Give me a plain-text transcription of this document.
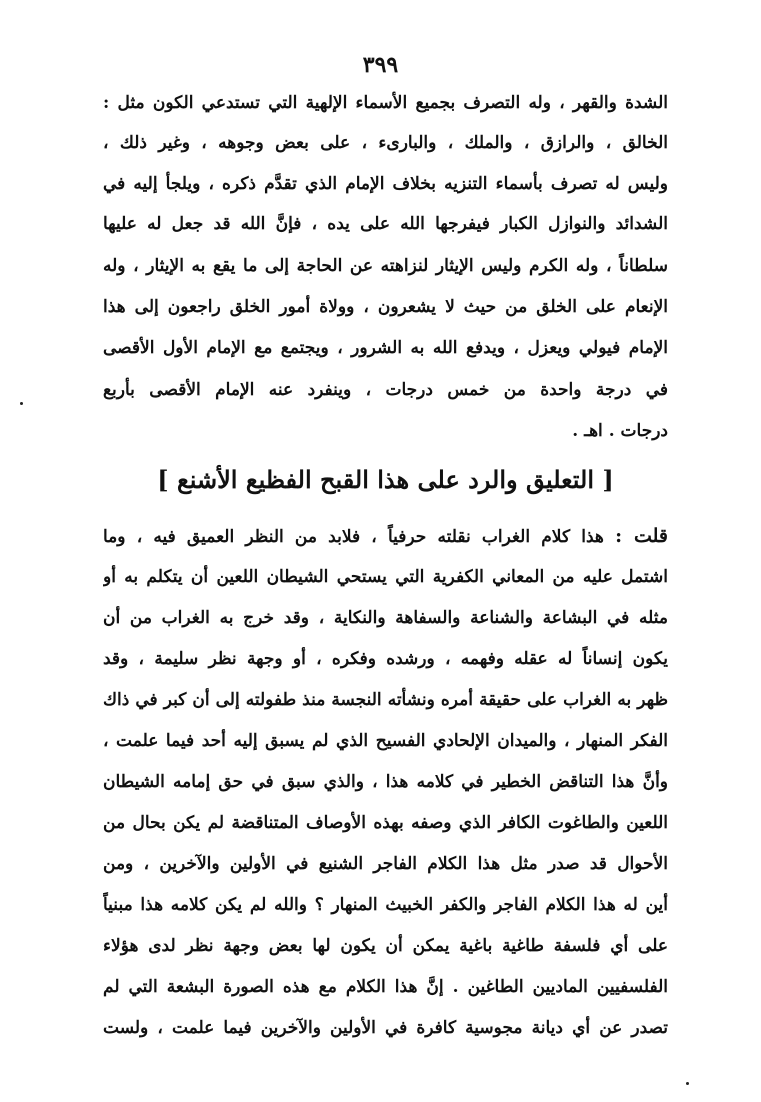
٣٩٩
الشدة والقهر ، وله التصرف بجميع الأسماء الإلهية التي تستدعي الكون مثل :
الخالق ، والرازق ، والملك ، والبارىء ، على بعض وجوهه ، وغير ذلك ،
وليس له تصرف بأسماء التنزيه بخلاف الإمام الذي تقدَّم ذكره ، ويلجأ إليه في
الشدائد والنوازل الكبار فيفرجها الله على يده ، فإنَّ الله قد جعل له عليها
سلطاناً ، وله الكرم وليس الإيثار لنزاهته عن الحاجة إلى ما يقع به الإيثار ، وله
الإنعام على الخلق من حيث لا يشعرون ، وولاة أمور الخلق راجعون إلى هذا
الإمام فيولي ويعزل ، ويدفع الله به الشرور ، ويجتمع مع الإمام الأول الأقصى
في درجة واحدة من خمس درجات ، وينفرد عنه الإمام الأقصى بأربع
درجات . اهـ .
[ التعليق والرد على هذا القبح الفظيع الأشنع ]
قلت : هذا كلام الغراب نقلته حرفياً ، فلابد من النظر العميق فيه ، وما
اشتمل عليه من المعاني الكفرية التي يستحي الشيطان اللعين أن يتكلم به أو
مثله في البشاعة والشناعة والسفاهة والنكاية ، وقد خرج به الغراب من أن
يكون إنساناً له عقله وفهمه ، ورشده وفكره ، أو وجهة نظر سليمة ، وقد
ظهر به الغراب على حقيقة أمره ونشأته النجسة منذ طفولته إلى أن كبر في ذاك
الفكر المنهار ، والميدان الإلحادي الفسيح الذي لم يسبق إليه أحد فيما علمت ،
وأنَّ هذا التناقض الخطير في كلامه هذا ، والذي سبق في حق إمامه الشيطان
اللعين والطاغوت الكافر الذي وصفه بهذه الأوصاف المتناقضة لم يكن بحال من
الأحوال قد صدر مثل هذا الكلام الفاجر الشنيع في الأولين والآخرين ، ومن
أين له هذا الكلام الفاجر والكفر الخبيث المنهار ؟ والله لم يكن كلامه هذا مبنياً
على أي فلسفة طاغية باغية يمكن أن يكون لها بعض وجهة نظر لدى هؤلاء
الفلسفيين الماديين الطاغين . إنَّ هذا الكلام مع هذه الصورة البشعة التي لم
تصدر عن أي ديانة مجوسية كافرة في الأولين والآخرين فيما علمت ، ولست
